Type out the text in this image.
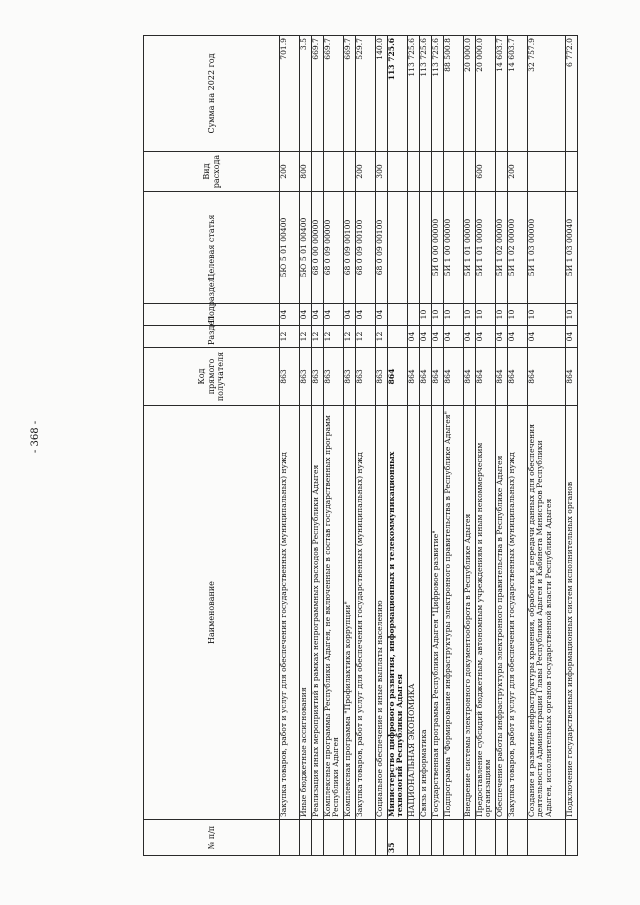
- 368 -
№ п/п	Наименование	Код прямого получателя	Раздел	Подраздел	Целевая статья	Вид расхода	Сумма на 2022 год
	Закупка товаров, работ и услуг для обеспечения государственных (муниципальных) нужд	863	12	04	5Ю 5 01 00400	200	701.9
	Иные бюджетные ассигнования	863	12	04	5Ю 5 01 00400	800	3.5
	Реализация иных мероприятий в рамках непрограммных расходов Республики Адыгея	863	12	04	68 0 00 00000		669.7
	Комплексные программы Республики Адыгея, не включенные в состав государственных программ Республики Адыгея	863	12	04	68 0 09 00000		669.7
	Комплексная программа "Профилактика коррупции"	863	12	04	68 0 09 00100		669.7
	Закупка товаров, работ и услуг для обеспечения государственных (муниципальных) нужд	863	12	04	68 0 09 00100	200	529.7
	Социальное обеспечение и иные выплаты населению	863	12	04	68 0 09 00100	300	140.0
35	Министерство цифрового развития, информационных и телекоммуникационных технологий Республики Адыгея	864					113 725.6
	НАЦИОНАЛЬНАЯ ЭКОНОМИКА	864	04				113 725.6
	Связь и информатика	864	04	10			113 725.6
	Государственная программа Республики Адыгея "Цифровое развитие"	864	04	10	5И 0 00 00000		113 725.6
	Подпрограмма "Формирование инфраструктуры электронного правительства в Республике Адыгея"	864	04	10	5И 1 00 00000		88 500.8
	Внедрение системы электронного документооборота в Республике Адыгея	864	04	10	5И 1 01 00000		20 000.0
	Предоставление субсидий бюджетным, автономным учреждениям и иным некоммерческим организациям	864	04	10	5И 1 01 00000	600	20 000.0
	Обеспечение работы инфраструктуры электронного правительства в Республике Адыгея	864	04	10	5И 1 02 00000		14 603.7
	Закупка товаров, работ и услуг для обеспечения государственных (муниципальных) нужд	864	04	10	5И 1 02 00000	200	14 603.7
	Создание и развитие инфраструктуры хранения, обработки и передачи данных для обеспечения деятельности Администрации Главы Республики Адыгея и Кабинета Министров Республики Адыгея, исполнительных органов государственной власти Республики Адыгея	864	04	10	5И 1 03 00000		32 757.9
	Подключение государственных информационных систем исполнительных органов	864	04	10	5И 1 03 00040		6 772.0
